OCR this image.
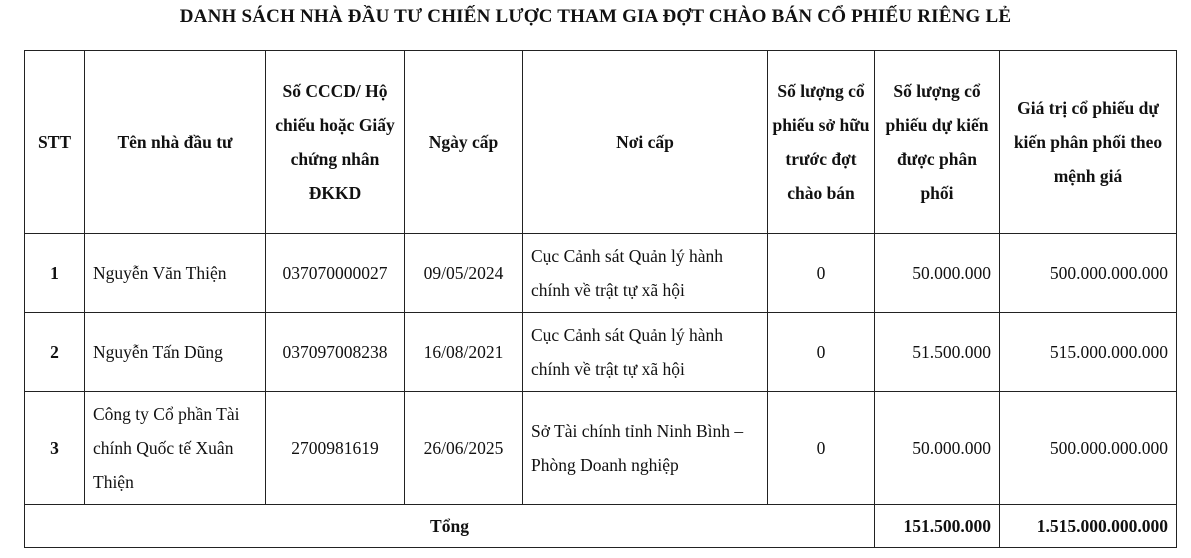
DANH SÁCH NHÀ ĐẦU TƯ CHIẾN LƯỢC THAM GIA ĐỢT CHÀO BÁN CỔ PHIẾU RIÊNG LẺ
STT	Tên nhà đầu tư	Số CCCD/ Hộ chiếu hoặc Giấy chứng nhân ĐKKD	Ngày cấp	Nơi cấp	Số lượng cổ phiếu sở hữu trước đợt chào bán	Số lượng cổ phiếu dự kiến được phân phối	Giá trị cổ phiếu dự kiến phân phối theo mệnh giá
1	Nguyễn Văn Thiện	037070000027	09/05/2024	Cục Cảnh sát Quản lý hành chính về trật tự xã hội	0	50.000.000	500.000.000.000
2	Nguyễn Tấn Dũng	037097008238	16/08/2021	Cục Cảnh sát Quản lý hành chính về trật tự xã hội	0	51.500.000	515.000.000.000
3	Công ty Cổ phần Tài chính Quốc tế Xuân Thiện	2700981619	26/06/2025	Sở Tài chính tỉnh Ninh Bình – Phòng Doanh nghiệp	0	50.000.000	500.000.000.000
Tổng						151.500.000	1.515.000.000.000
